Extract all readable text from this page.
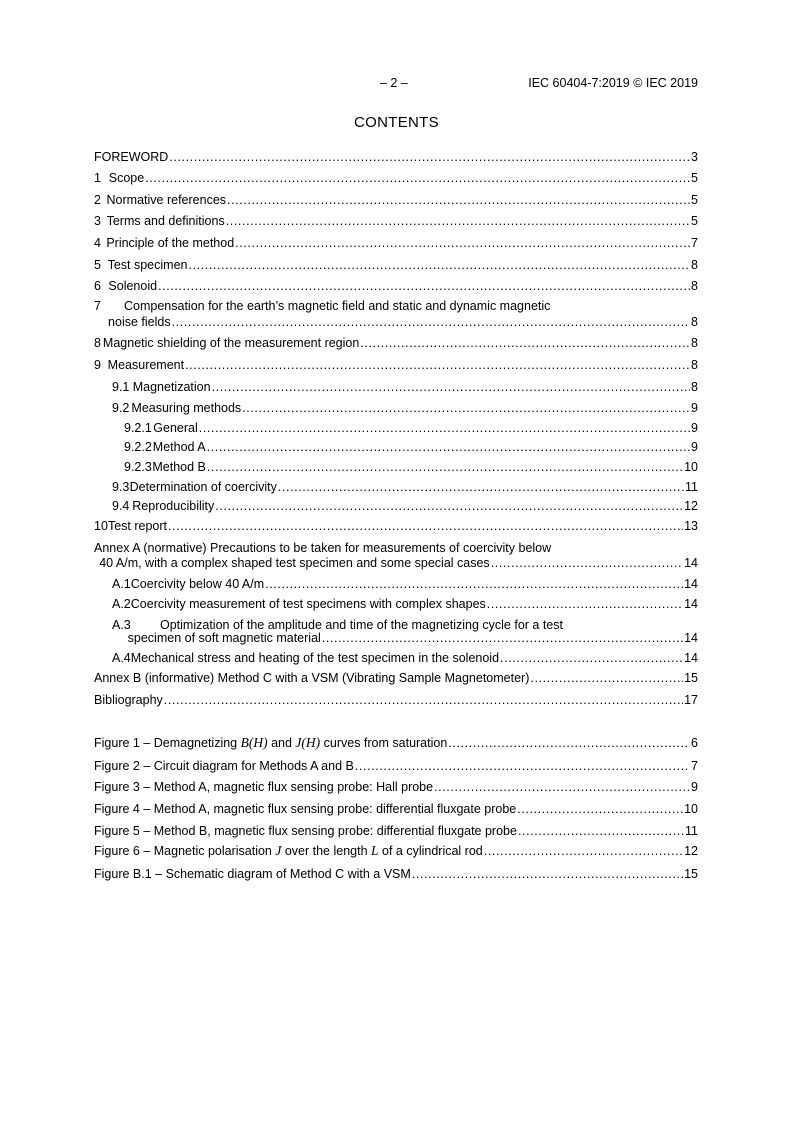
– 2 –	IEC 60404-7:2019 © IEC 2019
CONTENTS
FOREWORD .....	3
1 Scope .....	5
2 Normative references .....	5
3 Terms and definitions .....	5
4 Principle of the method .....	7
5 Test specimen .....	8
6 Solenoid .....	8
7 Compensation for the earth’s magnetic field and static and dynamic magnetic
noise fields .....	8
8 Magnetic shielding of the measurement region .....	8
9 Measurement .....	8
9.1 Magnetization .....	8
9.2 Measuring methods .....	9
9.2.1 General .....	9
9.2.2 Method A .....	9
9.2.3 Method B .....	10
9.3 Determination of coercivity .....	11
9.4 Reproducibility .....	12
10 Test report .....	13
Annex A (normative) Precautions to be taken for measurements of coercivity below
40 A/m, with a complex shaped test specimen and some special cases .....	14
A.1 Coercivity below 40 A/m .....	14
A.2 Coercivity measurement of test specimens with complex shapes .....	14
A.3 Optimization of the amplitude and time of the magnetizing cycle for a test
specimen of soft magnetic material .....	14
A.4 Mechanical stress and heating of the test specimen in the solenoid .....	14
Annex B (informative) Method C with a VSM (Vibrating Sample Magnetometer) .....	15
Bibliography .....	17
Figure 1 – Demagnetizing B(H) and J(H) curves from saturation .....	6
Figure 2 – Circuit diagram for Methods A and B .....	7
Figure 3 – Method A, magnetic flux sensing probe: Hall probe .....	9
Figure 4 – Method A, magnetic flux sensing probe: differential fluxgate probe .....	10
Figure 5 – Method B, magnetic flux sensing probe: differential fluxgate probe .....	11
Figure 6 – Magnetic polarisation J over the length L of a cylindrical rod .....	12
Figure B.1 – Schematic diagram of Method C with a VSM .....	15
